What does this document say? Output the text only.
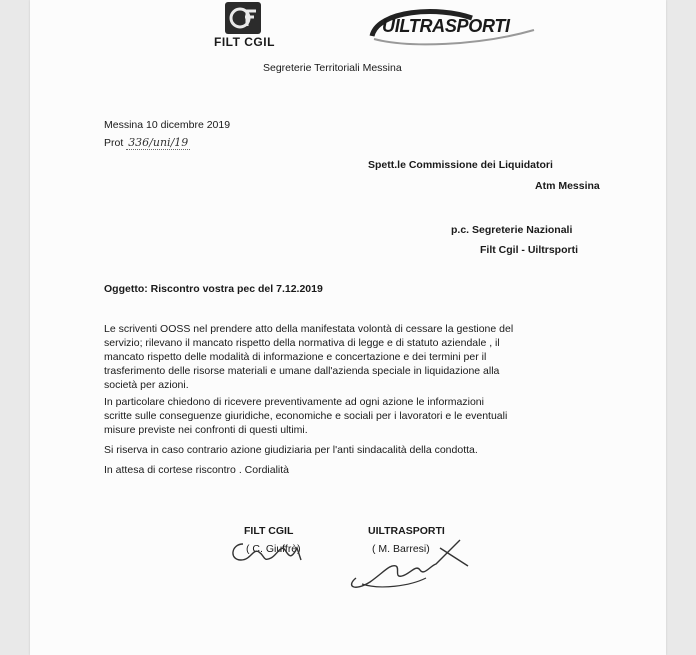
FILT CGIL
UILTRASPORTI
Segreterie Territoriali Messina
Messina 10 dicembre 2019
Prot 336/uni/19
Spett.le Commissione dei Liquidatori
Atm Messina
p.c. Segreterie Nazionali
Filt Cgil - Uiltrsporti
Oggetto: Riscontro vostra pec del 7.12.2019
Le scriventi OOSS nel prendere atto della manifestata volontà di cessare la gestione del
servizio; rilevano il mancato rispetto della normativa di legge e di statuto aziendale , il
mancato rispetto delle modalità di informazione e concertazione e dei termini per il
trasferimento delle risorse materiali e umane dall'azienda speciale in liquidazione alla
società per azioni.
In particolare chiedono di ricevere preventivamente ad ogni azione le informazioni
scritte sulle conseguenze giuridiche, economiche e sociali per i lavoratori e le eventuali
misure previste nei confronti di questi ultimi.
Si riserva in caso contrario azione giudiziaria per l'anti sindacalità della condotta.
In attesa di cortese riscontro . Cordialità
FILT CGIL	UILTRASPORTI
( C. Giuffrè)	( M. Barresi)
